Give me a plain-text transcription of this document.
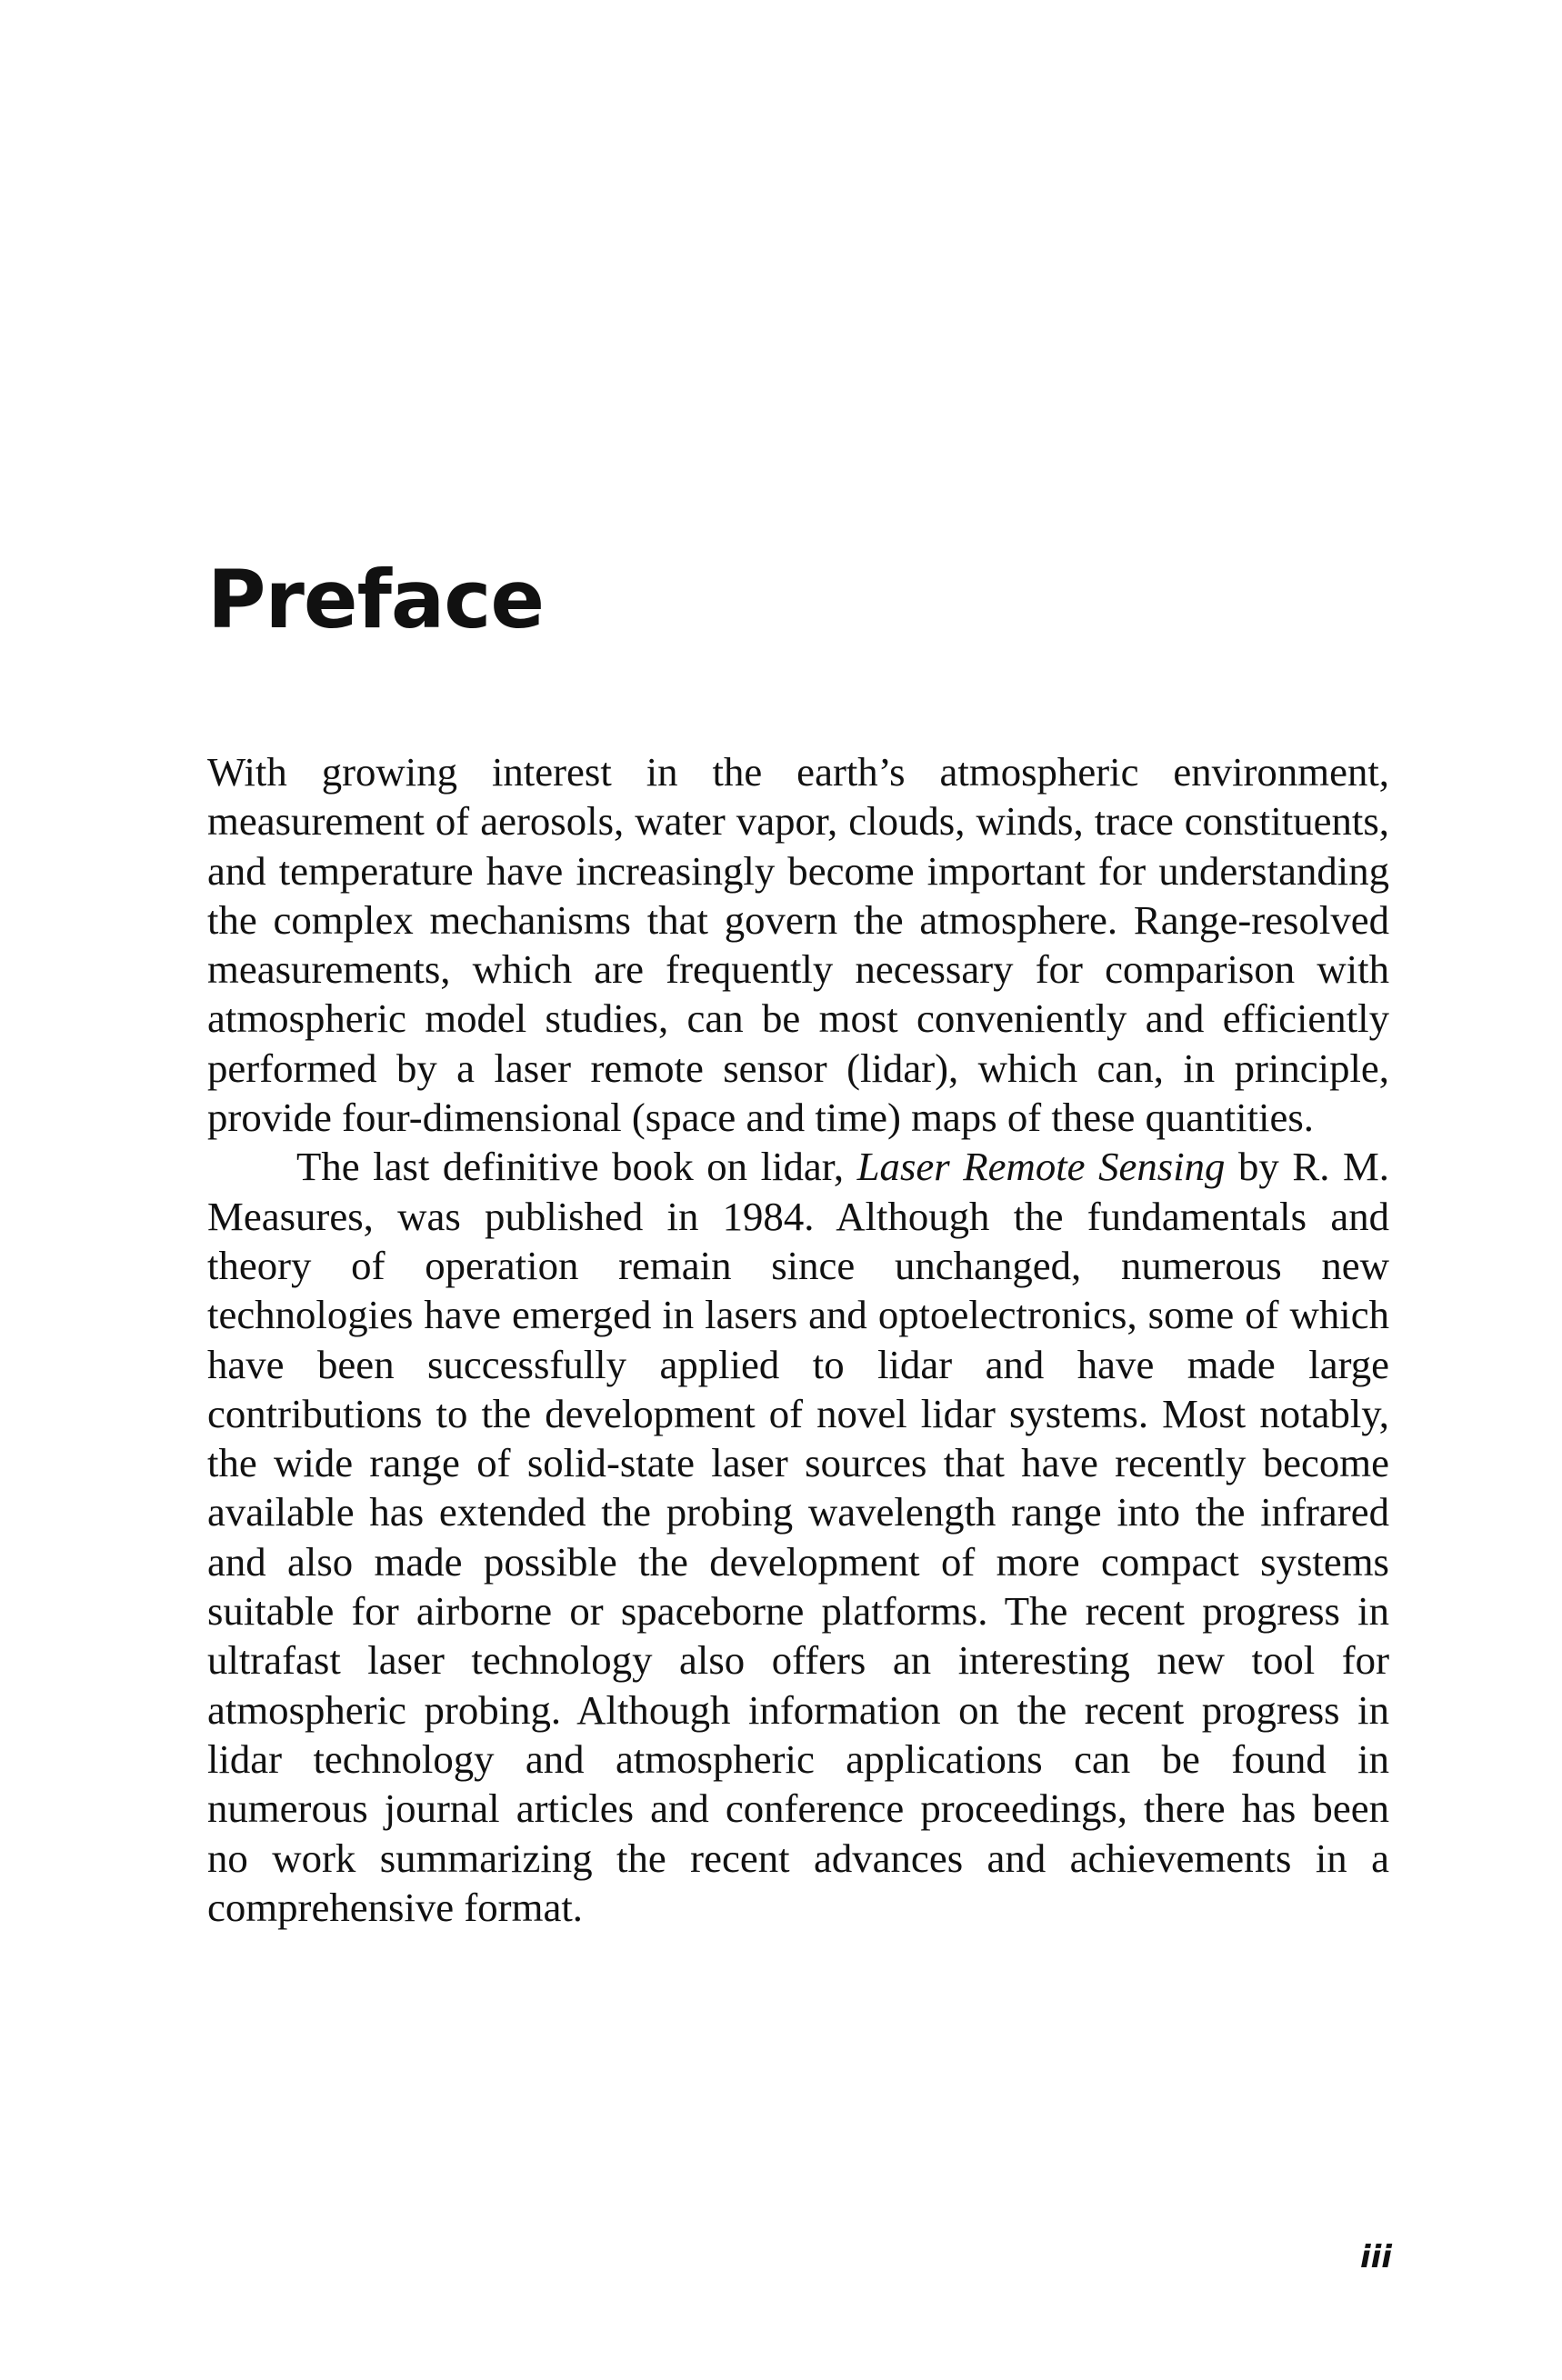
Preface

With growing interest in the earth’s atmospheric environment, measurement of aerosols, water vapor, clouds, winds, trace constituents, and temperature have increasingly become important for understanding the complex mechanisms that govern the atmosphere. Range-resolved measurements, which are frequently necessary for comparison with atmospheric model studies, can be most conveniently and efficiently performed by a laser remote sensor (lidar), which can, in principle, provide four-dimensional (space and time) maps of these quantities.

The last definitive book on lidar, Laser Remote Sensing by R. M. Measures, was published in 1984. Although the fundamentals and theory of operation remain since unchanged, numerous new technologies have emerged in lasers and optoelectronics, some of which have been successfully applied to lidar and have made large contributions to the development of novel lidar systems. Most notably, the wide range of solid-state laser sources that have recently become available has extended the probing wavelength range into the infrared and also made possible the development of more compact systems suitable for airborne or spaceborne platforms. The recent progress in ultrafast laser technology also offers an interesting new tool for atmospheric probing. Although information on the recent progress in lidar technology and atmospheric applications can be found in numerous journal articles and conference proceedings, there has been no work summarizing the recent advances and achievements in a comprehensive format.

iii
